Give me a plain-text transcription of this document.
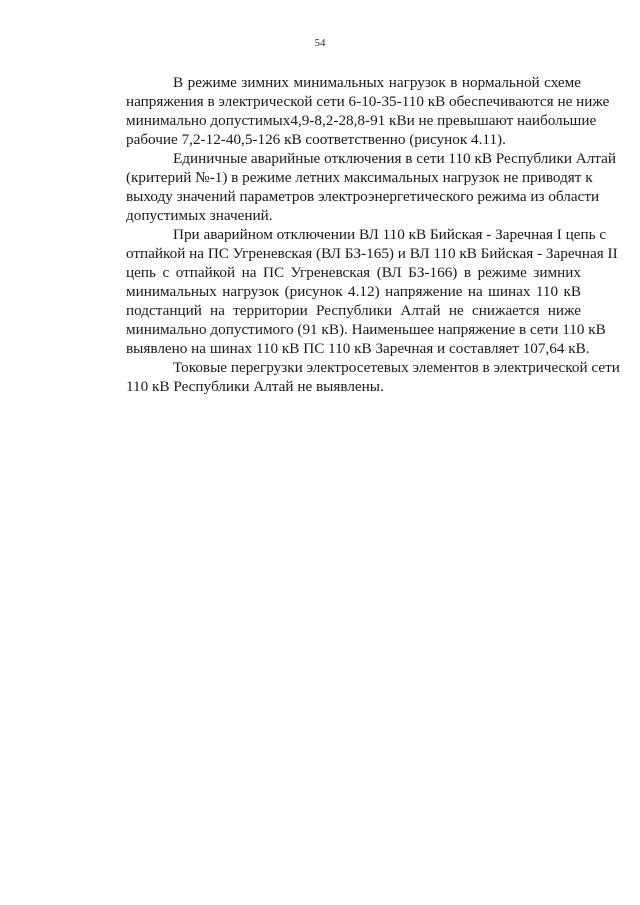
54
В режиме зимних минимальных нагрузок в нормальной схеме
напряжения в электрической сети 6-10-35-110 кВ обеспечиваются не ниже
минимально допустимых4,9-8,2-28,8-91 кВи не превышают наибольшие
рабочие 7,2-12-40,5-126 кВ соответственно (рисунок 4.11).
Единичные аварийные отключения в сети 110 кВ Республики Алтай
(критерий №-1) в режиме летних максимальных нагрузок не приводят к
выходу значений параметров электроэнергетического режима из области
допустимых значений.
При аварийном отключении ВЛ 110 кВ Бийская - Заречная I цепь с
отпайкой на ПС Угреневская (ВЛ БЗ-165) и ВЛ 110 кВ Бийская - Заречная II
цепь с отпайкой на ПС Угреневская (ВЛ БЗ-166) в режиме зимних
минимальных нагрузок (рисунок 4.12) напряжение на шинах 110 кВ
подстанций на территории Республики Алтай не снижается ниже
минимально допустимого (91 кВ). Наименьшее напряжение в сети 110 кВ
выявлено на шинах 110 кВ ПС 110 кВ Заречная и составляет 107,64 кВ.
Токовые перегрузки электросетевых элементов в электрической сети
110 кВ Республики Алтай не выявлены.
